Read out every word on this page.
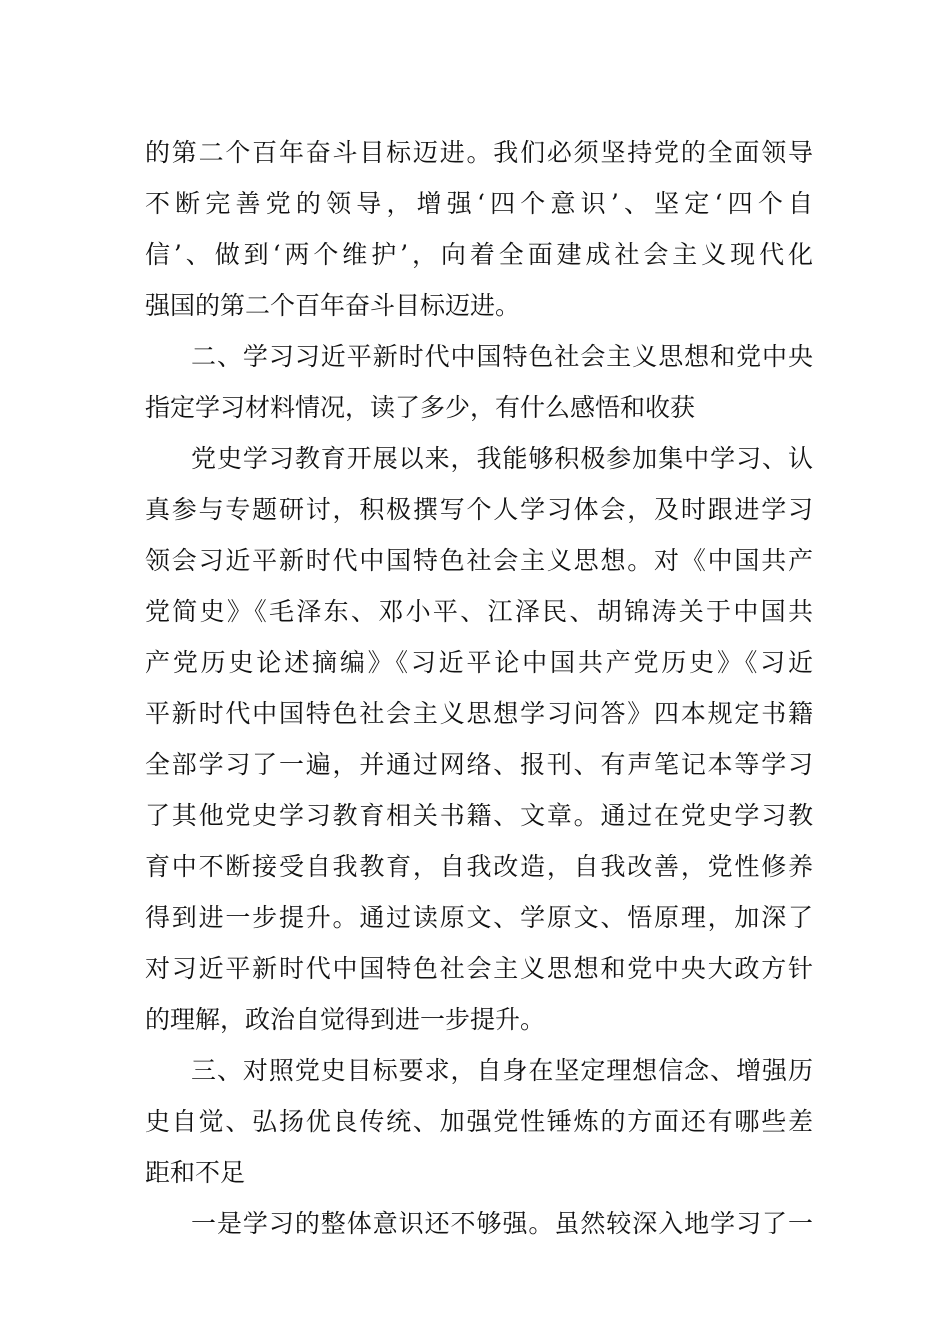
的第二个百年奋斗目标迈进。我们必须坚持党的全面领导
不断完善党的领导，增强‘四个意识’、坚定‘四个自
信’、做到‘两个维护’，向着全面建成社会主义现代化
强国的第二个百年奋斗目标迈进。
二、学习习近平新时代中国特色社会主义思想和党中央
指定学习材料情况，读了多少，有什么感悟和收获
党史学习教育开展以来，我能够积极参加集中学习、认
真参与专题研讨，积极撰写个人学习体会，及时跟进学习
领会习近平新时代中国特色社会主义思想。对《中国共产
党简史》《毛泽东、邓小平、江泽民、胡锦涛关于中国共
产党历史论述摘编》《习近平论中国共产党历史》《习近
平新时代中国特色社会主义思想学习问答》四本规定书籍
全部学习了一遍，并通过网络、报刊、有声笔记本等学习
了其他党史学习教育相关书籍、文章。通过在党史学习教
育中不断接受自我教育，自我改造，自我改善，党性修养
得到进一步提升。通过读原文、学原文、悟原理，加深了
对习近平新时代中国特色社会主义思想和党中央大政方针
的理解，政治自觉得到进一步提升。
三、对照党史目标要求，自身在坚定理想信念、增强历
史自觉、弘扬优良传统、加强党性锤炼的方面还有哪些差
距和不足
一是学习的整体意识还不够强。虽然较深入地学习了一
